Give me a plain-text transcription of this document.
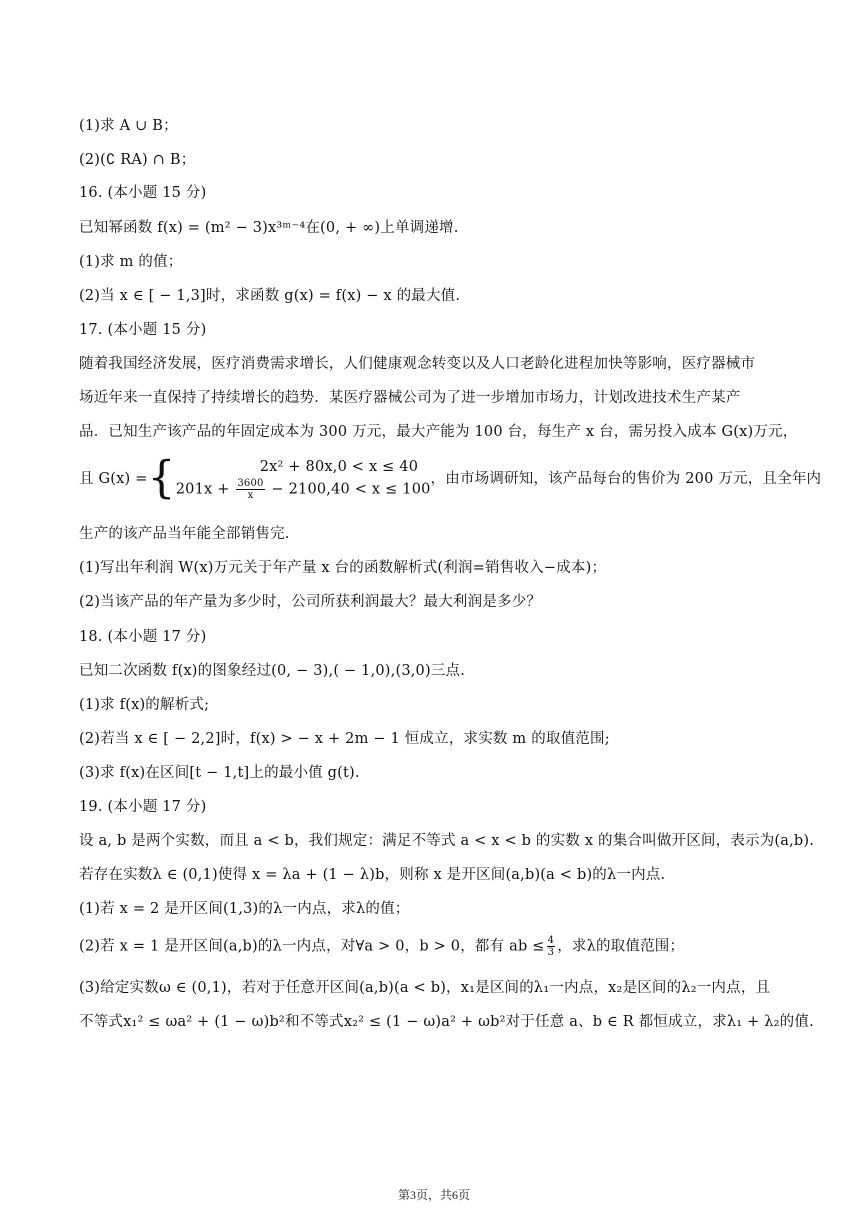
(1)求 A ∪ B；
(2)(∁ RA) ∩ B；
16. (本小题 15 分)
已知幂函数 f(x) = (m² − 3)x³ᵐ⁻⁴在(0, + ∞)上单调递增.
(1)求 m 的值；
(2)当 x ∈ [ − 1,3]时，求函数 g(x) = f(x) − x 的最大值.
17. (本小题 15 分)
随着我国经济发展，医疗消费需求增长，人们健康观念转变以及人口老龄化进程加快等影响，医疗器械市
场近年来一直保持了持续增长的趋势．某医疗器械公司为了进一步增加市场力，计划改进技术生产某产
品．已知生产该产品的年固定成本为 300 万元，最大产能为 100 台，每生产 x 台，需另投入成本 G(x)万元，
且 G(x) ={	2x² + 80x,0 < x ≤ 40
$201x + \frac{3600}{x} - 2100,40 < x \le 100$
，由市场调研知，该产品每台的售价为 200 万元，且全年内
生产的该产品当年能全部销售完.
(1)写出年利润 W(x)万元关于年产量 x 台的函数解析式(利润=销售收入−成本)；
(2)当该产品的年产量为多少时，公司所获利润最大？最大利润是多少？
18. (本小题 17 分)
已知二次函数 f(x)的图象经过(0, − 3),( − 1,0),(3,0)三点.
(1)求 f(x)的解析式;
(2)若当 x ∈ [ − 2,2]时，f(x) > − x + 2m − 1 恒成立，求实数 m 的取值范围;
(3)求 f(x)在区间[t − 1,t]上的最小值 g(t).
19. (本小题 17 分)
设 a, b 是两个实数，而且 a < b，我们规定：满足不等式 a < x < b 的实数 x 的集合叫做开区间，表示为(a,b).
若存在实数λ ∈ (0,1)使得 x = λa + (1 − λ)b，则称 x 是开区间(a,b)(a < b)的λ一内点.
(1)若 x = 2 是开区间(1,3)的λ一内点，求λ的值；
(2)若 x = 1 是开区间(a,b)的λ一内点，对∀a > 0，b > 0，都有 ab ≤ $\frac{4}{3}$ ，求λ的取值范围；
(3)给定实数ω ∈ (0,1)，若对于任意开区间(a,b)(a < b)，x₁是区间的λ₁一内点，x₂是区间的λ₂一内点，且
不等式x₁² ≤ ωa² + (1 − ω)b²和不等式x₂² ≤ (1 − ω)a² + ωb²对于任意 a、b ∈ R 都恒成立，求λ₁ + λ₂的值.
第3页，共6页
